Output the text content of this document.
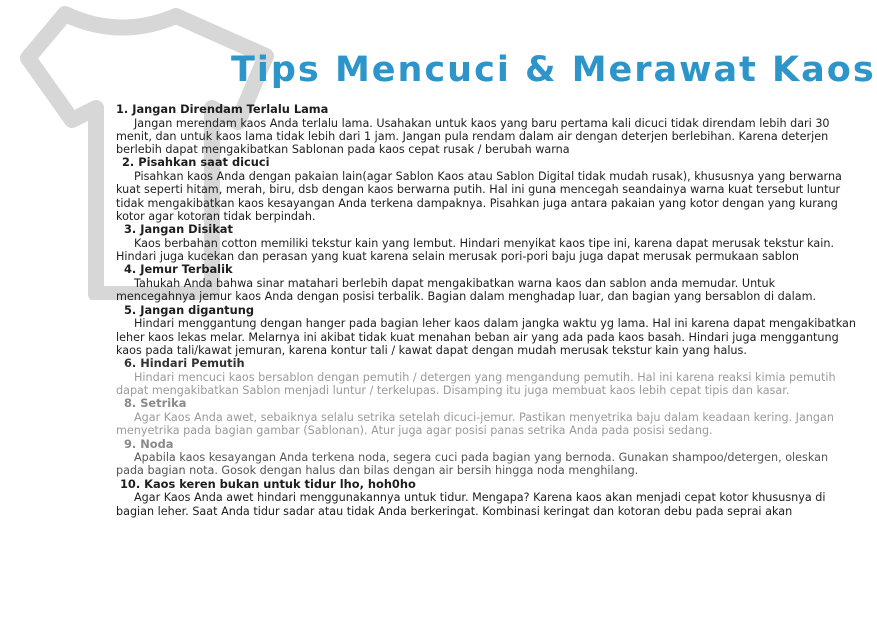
Tips Mencuci & Merawat Kaos
1. Jangan Direndam Terlalu Lama

Jangan merendam kaos Anda terlalu lama. Usahakan untuk kaos yang baru pertama kali dicuci tidak direndam lebih dari 30 menit, dan untuk kaos lama tidak lebih dari 1 jam. Jangan pula rendam dalam air dengan deterjen berlebihan. Karena deterjen berlebih dapat mengakibatkan Sablonan pada kaos cepat rusak / berubah warna

2. Pisahkan saat dicuci

Pisahkan kaos Anda dengan pakaian lain(agar Sablon Kaos atau Sablon Digital tidak mudah rusak), khususnya yang berwarna kuat seperti hitam, merah, biru, dsb dengan kaos berwarna putih. Hal ini guna mencegah seandainya warna kuat tersebut luntur tidak mengakibatkan kaos kesayangan Anda terkena dampaknya. Pisahkan juga antara pakaian yang kotor dengan yang kurang kotor agar kotoran tidak berpindah.

3. Jangan Disikat

Kaos berbahan cotton memiliki tekstur kain yang lembut. Hindari menyikat kaos tipe ini, karena dapat merusak tekstur kain. Hindari juga kucekan dan perasan yang kuat karena selain merusak pori-pori baju juga dapat merusak permukaan sablon

4. Jemur Terbalik

Tahukah Anda bahwa sinar matahari berlebih dapat mengakibatkan warna kaos dan sablon anda memudar. Untuk mencegahnya jemur kaos Anda dengan posisi terbalik. Bagian dalam menghadap luar, dan bagian yang bersablon di dalam.

5. Jangan digantung

Hindari menggantung dengan hanger pada bagian leher kaos dalam jangka waktu yg lama. Hal ini karena dapat mengakibatkan leher kaos lekas melar. Melarnya ini akibat tidak kuat menahan beban air yang ada pada kaos basah. Hindari juga menggantung kaos pada tali/kawat jemuran, karena kontur tali / kawat dapat dengan mudah merusak tekstur kain yang halus.

6. Hindari Pemutih

Hindari mencuci kaos bersablon dengan pemutih / detergen yang mengandung pemutih. Hal ini karena reaksi kimia pemutih dapat mengakibatkan Sablon menjadi luntur / terkelupas. Disamping itu juga membuat kaos lebih cepat tipis dan kasar.

8. Setrika

Agar Kaos Anda awet, sebaiknya selalu setrika setelah dicuci-jemur. Pastikan menyetrika baju dalam keadaan kering. Jangan menyetrika pada bagian gambar (Sablonan). Atur juga agar posisi panas setrika Anda pada posisi sedang.

9. Noda

Apabila kaos kesayangan Anda terkena noda, segera cuci pada bagian yang bernoda. Gunakan shampoo/detergen, oleskan pada bagian nota. Gosok dengan halus dan bilas dengan air bersih hingga noda menghilang.

10. Kaos keren bukan untuk tidur lho, hoh0ho

Agar Kaos Anda awet hindari menggunakannya untuk tidur. Mengapa? Karena kaos akan menjadi cepat kotor khususnya di bagian leher. Saat Anda tidur sadar atau tidak Anda berkeringat. Kombinasi keringat dan kotoran debu pada seprai akan
